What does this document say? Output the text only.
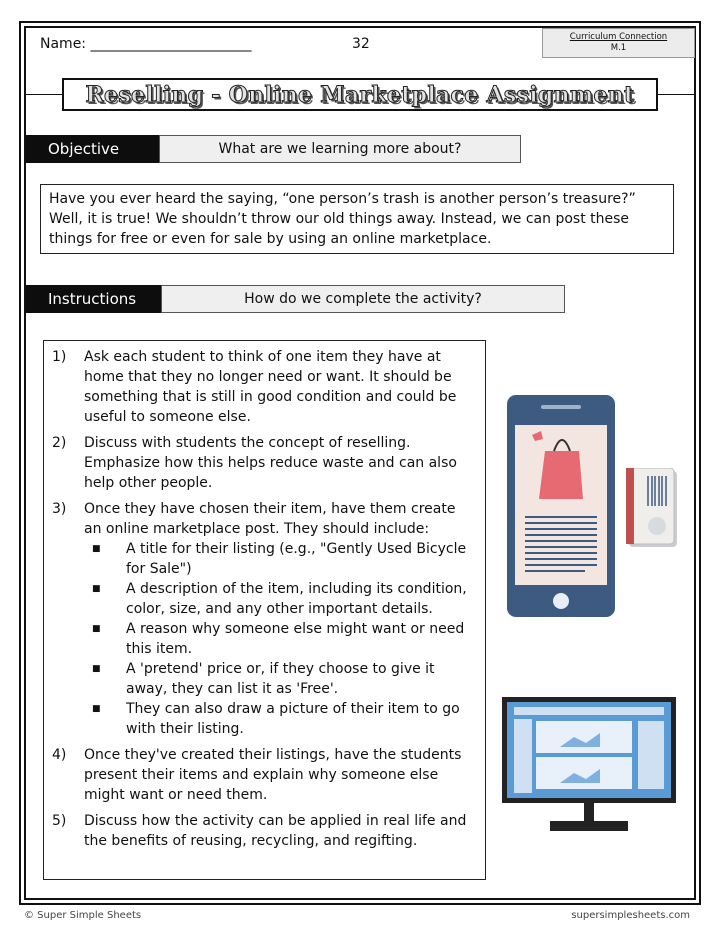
Name: _______________________	32	Curriculum Connection
M.1
Reselling - Online Marketplace Assignment
Objective	What are we learning more about?
Have you ever heard the saying, “one person’s trash is another person’s treasure?” Well, it is true! We shouldn’t throw our old things away. Instead, we can post these things for free or even for sale by using an online marketplace.
Instructions	How do we complete the activity?
1)	Ask each student to think of one item they have at home that they no longer need or want. It should be something that is still in good condition and could be useful to someone else.
2)	Discuss with students the concept of reselling. Emphasize how this helps reduce waste and can also help other people.
3)	Once they have chosen their item, have them create an online marketplace post. They should include:
■	A title for their listing (e.g., "Gently Used Bicycle for Sale")
■	A description of the item, including its condition, color, size, and any other important details.
■	A reason why someone else might want or need this item.
■	A 'pretend' price or, if they choose to give it away, they can list it as 'Free'.
■	They can also draw a picture of their item to go with their listing.
4)	Once they've created their listings, have the students present their items and explain why someone else might want or need them.
5)	Discuss how the activity can be applied in real life and the benefits of reusing, recycling, and regifting.
© Super Simple Sheets	supersimplesheets.com
